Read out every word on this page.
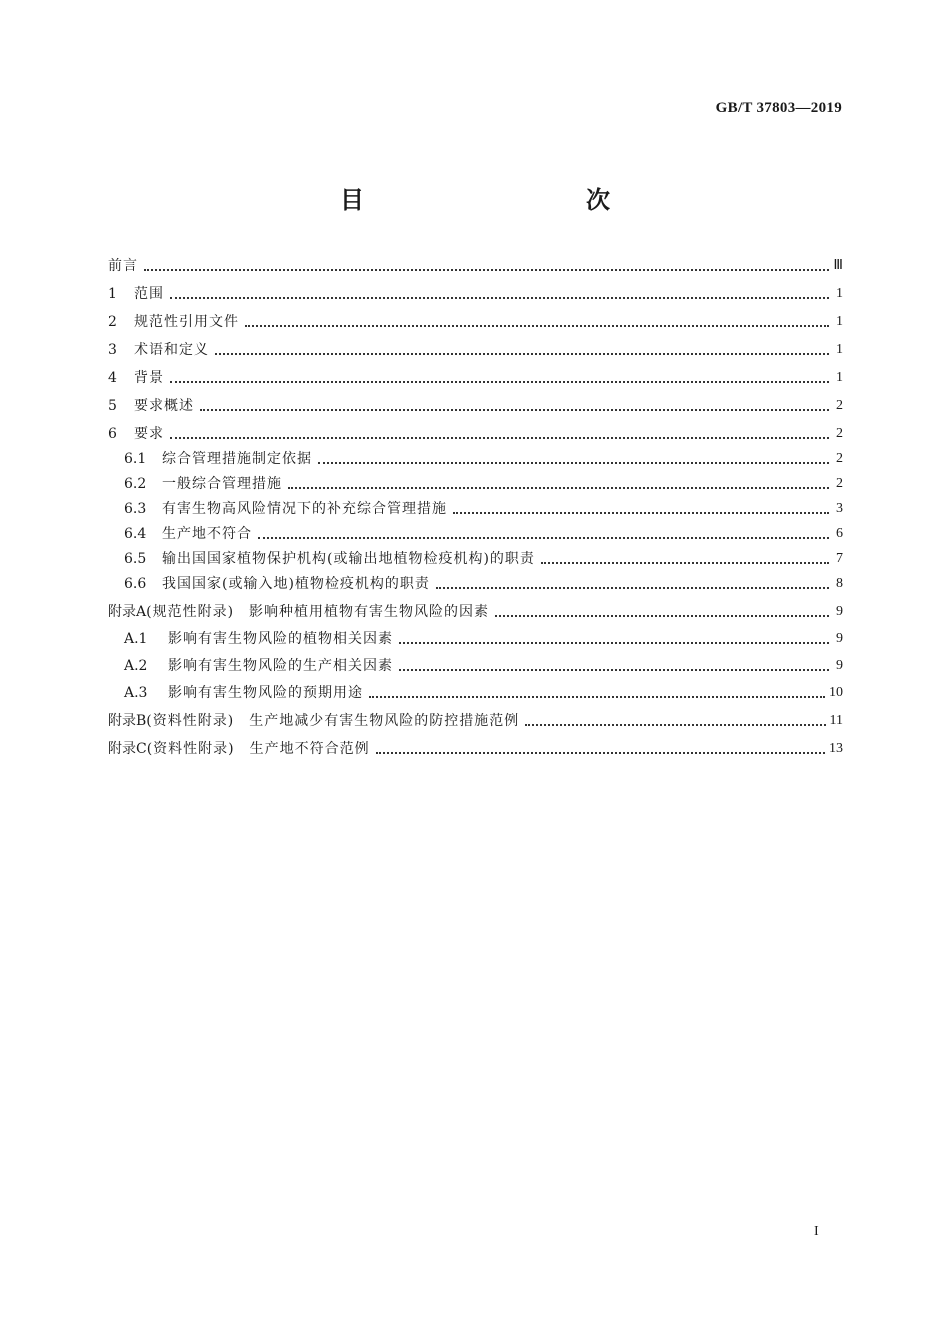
GB/T 37803—2019
目　　次
前言	Ⅲ
1	范围	1
2	规范性引用文件	1
3	术语和定义	1
4	背景	1
5	要求概述	2
6	要求	2
6.1	综合管理措施制定依据	2
6.2	一般综合管理措施	2
6.3	有害生物高风险情况下的补充综合管理措施	3
6.4	生产地不符合	6
6.5	输出国国家植物保护机构(或输出地植物检疫机构)的职责	7
6.6	我国国家(或输入地)植物检疫机构的职责	8
附录A (规范性附录)　影响种植用植物有害生物风险的因素	9
A.1	影响有害生物风险的植物相关因素	9
A.2	影响有害生物风险的生产相关因素	9
A.3	影响有害生物风险的预期用途	10
附录B (资料性附录)　生产地减少有害生物风险的防控措施范例	11
附录C (资料性附录)　生产地不符合范例	13
I
